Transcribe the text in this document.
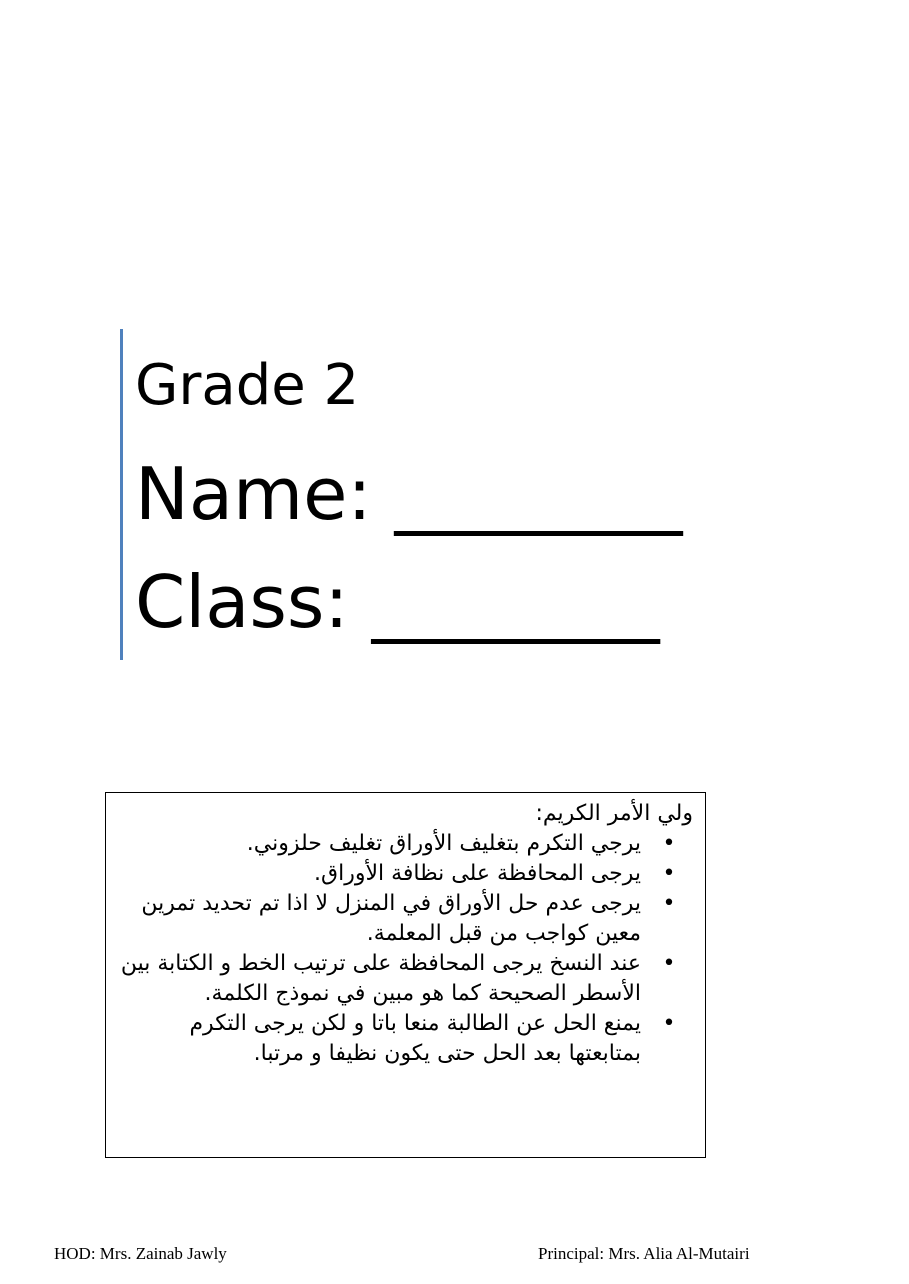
Grade 2
Name: ________
Class: ________
ولي الأمر الكريم:
•
يرجي التكرم بتغليف الأوراق تغليف حلزوني.
•
يرجى المحافظة على نظافة الأوراق.
•
يرجى عدم حل الأوراق في المنزل لا اذا تم تحديد تمرين معين كواجب من قبل المعلمة.
•
عند النسخ يرجى المحافظة على ترتيب الخط و الكتابة بين الأسطر الصحيحة كما هو مبين في نموذج الكلمة.
•
يمنع الحل عن الطالبة منعا باتا و لكن يرجى التكرم بمتابعتها بعد الحل حتى يكون نظيفا و مرتبا.
HOD: Mrs. Zainab Jawly	Principal: Mrs. Alia Al-Mutairi
